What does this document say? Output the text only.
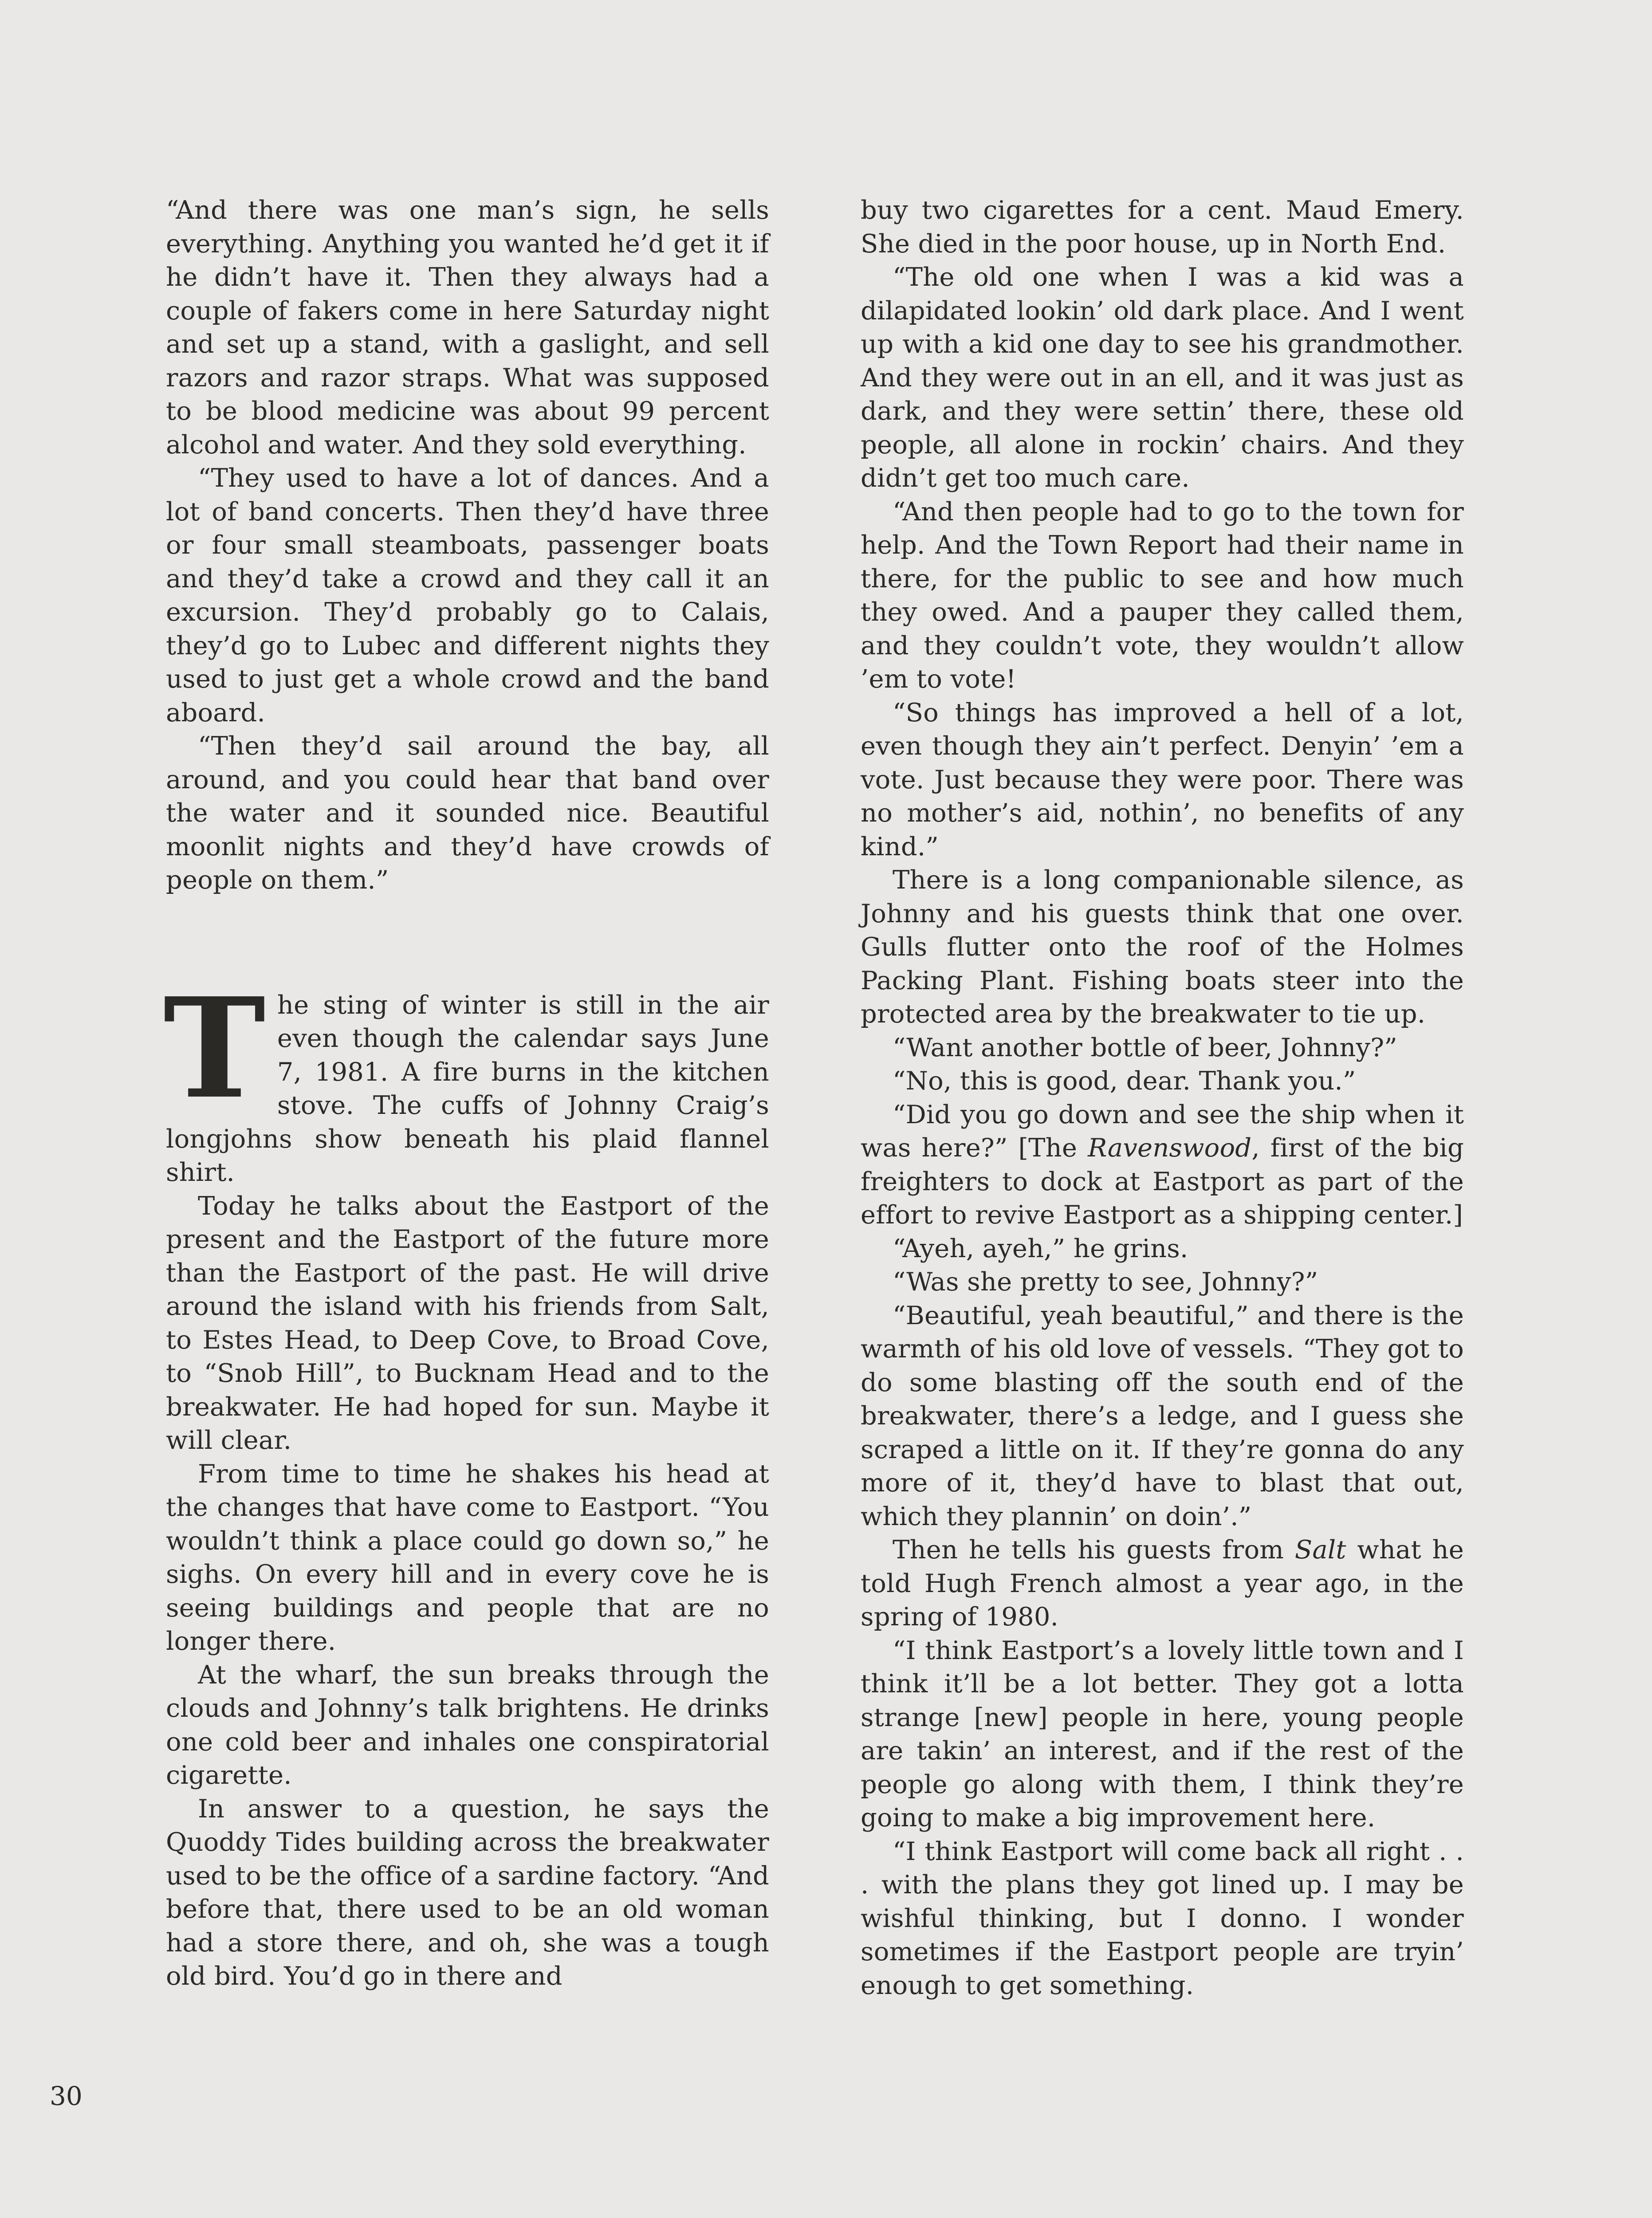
“And there was one man’s sign, he sells everything. Anything you wanted he’d get it if he didn’t have it. Then they always had a couple of fakers come in here Saturday night and set up a stand, with a gaslight, and sell razors and razor straps. What was supposed to be blood medicine was about 99 percent alcohol and water. And they sold everything.

“They used to have a lot of dances. And a lot of band concerts. Then they’d have three or four small steamboats, passenger boats and they’d take a crowd and they call it an excursion. They’d probably go to Calais, they’d go to Lubec and different nights they used to just get a whole crowd and the band aboard.

“Then they’d sail around the bay, all around, and you could hear that band over the water and it sounded nice. Beautiful moonlit nights and they’d have crowds of people on them.”

The sting of winter is still in the air even though the calendar says June 7, 1981. A fire burns in the kitchen stove. The cuffs of Johnny Craig’s longjohns show beneath his plaid flannel shirt.

Today he talks about the Eastport of the present and the Eastport of the future more than the Eastport of the past. He will drive around the island with his friends from Salt, to Estes Head, to Deep Cove, to Broad Cove, to “Snob Hill”, to Bucknam Head and to the breakwater. He had hoped for sun. Maybe it will clear.

From time to time he shakes his head at the changes that have come to Eastport. “You wouldn’t think a place could go down so,” he sighs. On every hill and in every cove he is seeing buildings and people that are no longer there.

At the wharf, the sun breaks through the clouds and Johnny’s talk brightens. He drinks one cold beer and inhales one conspiratorial cigarette.

In answer to a question, he says the Quoddy Tides building across the breakwater used to be the office of a sardine factory. “And before that, there used to be an old woman had a store there, and oh, she was a tough old bird. You’d go in there and

buy two cigarettes for a cent. Maud Emery. She died in the poor house, up in North End.

“The old one when I was a kid was a dilapidated lookin’ old dark place. And I went up with a kid one day to see his grandmother. And they were out in an ell, and it was just as dark, and they were settin’ there, these old people, all alone in rockin’ chairs. And they didn’t get too much care.

“And then people had to go to the town for help. And the Town Report had their name in there, for the public to see and how much they owed. And a pauper they called them, and they couldn’t vote, they wouldn’t allow ’em to vote!

“So things has improved a hell of a lot, even though they ain’t perfect. Denyin’ ’em a vote. Just because they were poor. There was no mother’s aid, nothin’, no benefits of any kind.”

There is a long companionable silence, as Johnny and his guests think that one over. Gulls flutter onto the roof of the Holmes Packing Plant. Fishing boats steer into the protected area by the breakwater to tie up.

“Want another bottle of beer, Johnny?”

“No, this is good, dear. Thank you.”

“Did you go down and see the ship when it was here?” [The Ravenswood, first of the big freighters to dock at Eastport as part of the effort to revive Eastport as a shipping center.]

“Ayeh, ayeh,” he grins.

“Was she pretty to see, Johnny?”

“Beautiful, yeah beautiful,” and there is the warmth of his old love of vessels. “They got to do some blasting off the south end of the breakwater, there’s a ledge, and I guess she scraped a little on it. If they’re gonna do any more of it, they’d have to blast that out, which they plannin’ on doin’.”

Then he tells his guests from Salt what he told Hugh French almost a year ago, in the spring of 1980.

“I think Eastport’s a lovely little town and I think it’ll be a lot better. They got a lotta strange [new] people in here, young people are takin’ an interest, and if the rest of the people go along with them, I think they’re going to make a big improvement here.

“I think Eastport will come back all right . . . with the plans they got lined up. I may be wishful thinking, but I donno. I wonder sometimes if the Eastport people are tryin’ enough to get something.

30
